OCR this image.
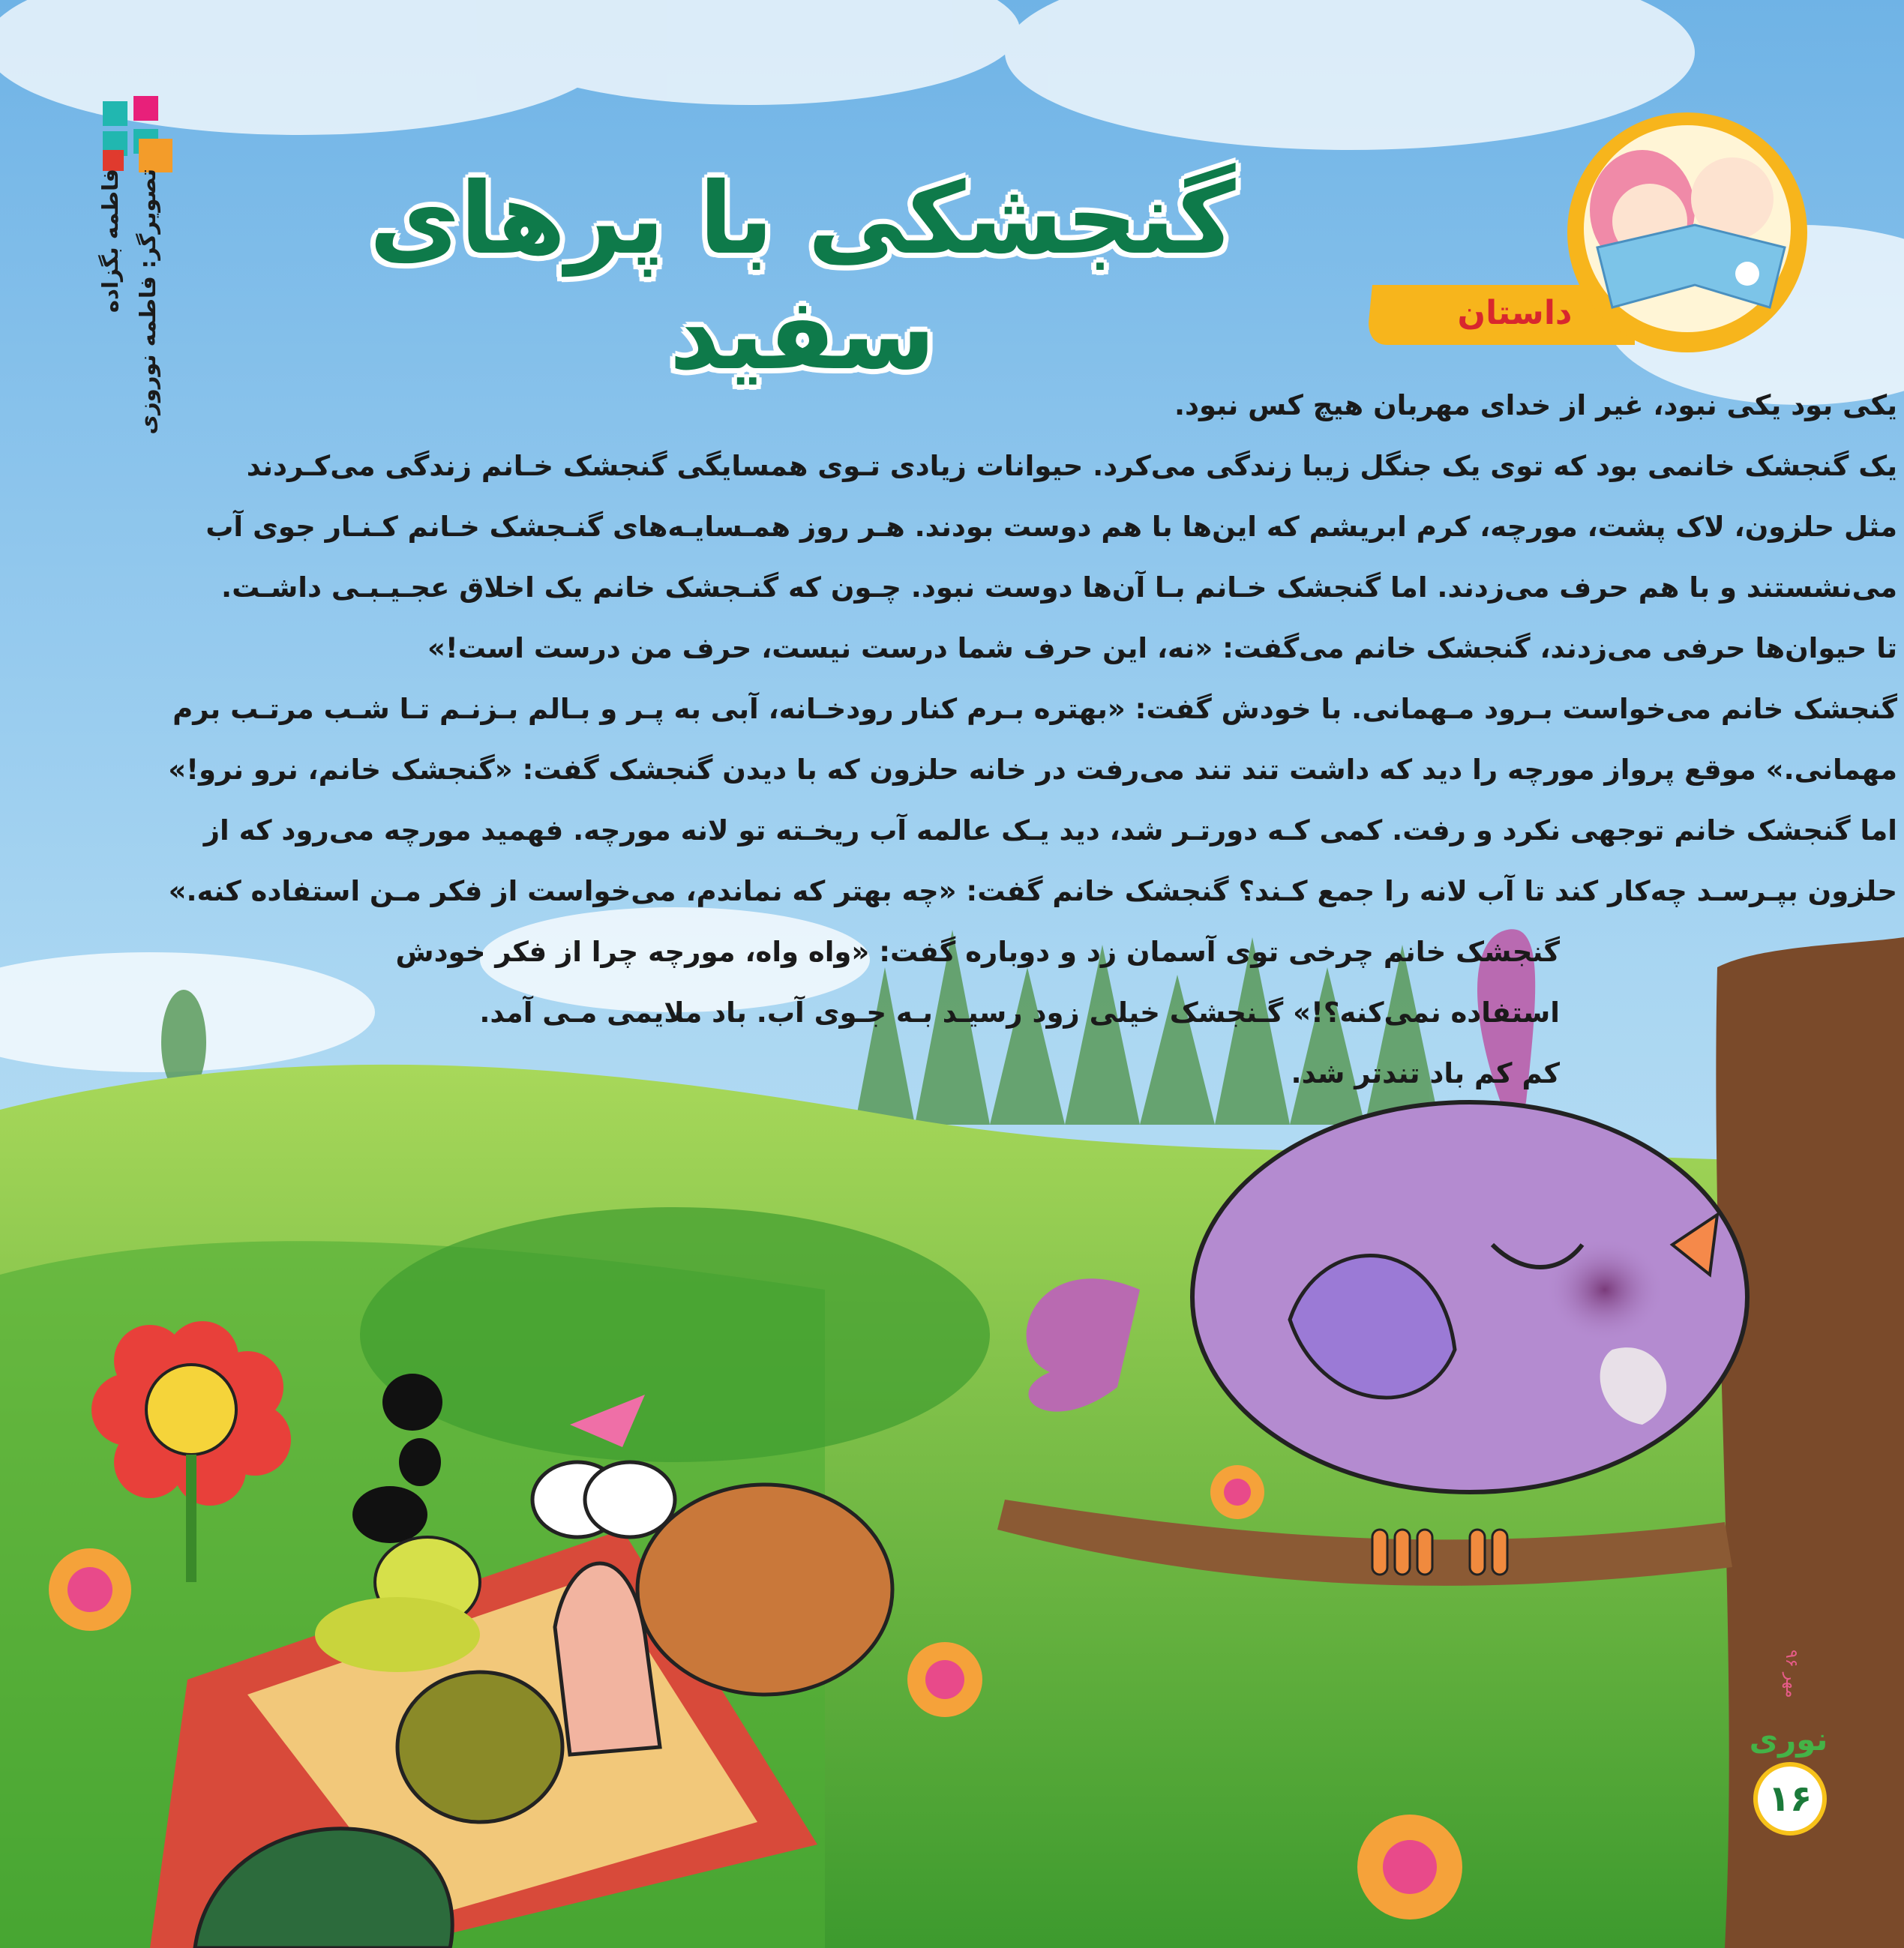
گنجشکی با پرهای سفید	داستان
تصویرگر: فاطمه نوروزی
فاطمه بگزاده
یکی بود یکی نبود، غیر از خدای مهربان هیچ کس نبود.
یک گنجشک خانمی بود که توی یک جنگل زیبا زندگی می‌کرد. حیوانات زیادی تـوی همسایگی گنجشک خـانم زندگی می‌کـردند
مثل حلزون، لاک پشت، مورچه، کرم ابریشم که این‌ها با هم دوست بودند. هـر روز همـسایـه‌های گنـجشک خـانم کـنـار جوی آب
می‌نشستند و با هم حرف می‌زدند. اما گنجشک خـانم بـا آن‌ها دوست نبود. چـون که گنـجشک خانم یک اخلاق عجـیـبـی داشـت.
تا حیوان‌ها حرفی می‌زدند، گنجشک خانم می‌گفت: «نه، این حرف شما درست نیست، حرف من درست است!»
گنجشک خانم می‌خواست بـرود مـهمانی. با خودش گفت: «بهتره بـرم کنار رودخـانه، آبی به پـر و بـالم بـزنـم تـا شـب مرتـب برم
مهمانی.» موقع پرواز مورچه را دید که داشت تند تند می‌رفت در خانه حلزون که با دیدن گنجشک گفت: «گنجشک خانم، نرو نرو!»
اما گنجشک خانم توجهی نکرد و رفت. کمی کـه دورتـر شد، دید یـک عالمه آب ریخـته تو لانه مورچه. فهمید مورچه می‌رود که از
حلزون بپـرسـد چه‌کار کند تا آب لانه را جمع کـند؟ گنجشک خانم گفت: «چه بهتر که نماندم، می‌خواست از فکر مـن استفاده کنه.»
گنجشک خانم چرخی توی آسمان زد و دوباره گفت: «واه واه، مورچه چرا از فکر خودش
استفاده نمی‌کنه؟!» گـنجشک خیلی زود رسیـد بـه جـوی آب. باد ملایمی مـی آمد.
کم کم باد تندتر شد.
مهر ۹۶
نوری
۱۶
